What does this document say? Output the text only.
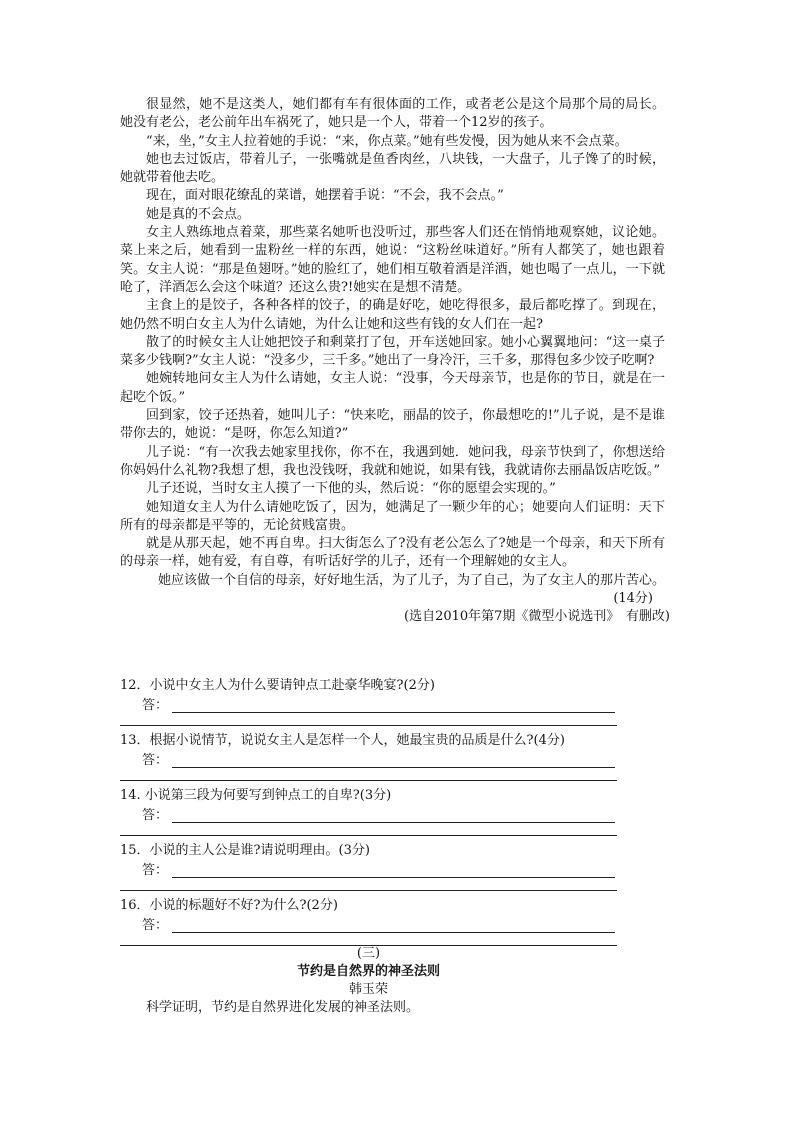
很显然，她不是这类人，她们都有车有很体面的工作，或者老公是这个局那个局的局长。她没有老公，老公前年出车祸死了，她只是一个人，带着一个12岁的孩子。

“来，坐，”女主人拉着她的手说：“来，你点菜。”她有些发慢，因为她从来不会点菜。

她也去过饭店，带着儿子，一张嘴就是鱼香肉丝，八块钱，一大盘子，儿子馋了的时候，她就带着他去吃。

现在，面对眼花缭乱的菜谱，她摆着手说：“不会，我不会点。”

她是真的不会点。

女主人熟练地点着菜，那些菜名她听也没听过，那些客人们还在悄悄地观察她，议论她。菜上来之后，她看到一盅粉丝一样的东西，她说：“这粉丝味道好。”所有人都笑了，她也跟着笑。女主人说：“那是鱼翅呀。”她的脸红了，她们相互敬着酒是洋酒，她也喝了一点儿，一下就呛了，洋酒怎么会这个味道？还这么贵?!她实在是想不清楚。

主食上的是饺子，各种各样的饺子，的确是好吃，她吃得很多，最后都吃撑了。到现在，她仍然不明白女主人为什么请她，为什么让她和这些有钱的女人们在一起?

散了的时候女主人让她把饺子和剩菜打了包，开车送她回家。她小心翼翼地问：“这一桌子菜多少钱啊?”女主人说：“没多少，三千多。”她出了一身冷汗，三千多，那得包多少饺子吃啊?

她婉转地问女主人为什么请她，女主人说：“没事，今天母亲节，也是你的节日，就是在一起吃个饭。”

回到家，饺子还热着，她叫儿子：“快来吃，丽晶的饺子，你最想吃的!”儿子说，是不是谁带你去的，她说：“是呀，你怎么知道?”

儿子说：“有一次我去她家里找你，你不在，我遇到她．她问我，母亲节快到了，你想送给你妈妈什么礼物?我想了想，我也没钱呀，我就和她说，如果有钱，我就请你去丽晶饭店吃饭。”

儿子还说，当时女主人摸了一下他的头，然后说：“你的愿望会实现的。”

她知道女主人为什么请她吃饭了，因为，她满足了一颗少年的心；她要向人们证明：天下所有的母亲都是平等的，无论贫贱富贵。

就是从那天起，她不再自卑。扫大街怎么了?没有老公怎么了?她是一个母亲，和天下所有的母亲一样，她有爱，有自尊，有听话好学的儿子，还有一个理解她的女主人。

她应该做一个自信的母亲，好好地生活，为了儿子，为了自己，为了女主人的那片苦心。

(14分)
(选自2010年第7期《微型小说选刊》　有删改)

12．小说中女主人为什么要请钟点工赴豪华晚宴?(2分)

答：

13．根据小说情节，说说女主人是怎样一个人，她最宝贵的品质是什么?(4分)

答：

14. 小说第三段为何要写到钟点工的自卑?(3分)

答：

15．小说的主人公是谁?请说明理由。(3分)

答：

16．小说的标题好不好?为什么?(2分)

答：
(三)
节约是自然界的神圣法则
韩玉荣

科学证明，节约是自然界进化发展的神圣法则。
